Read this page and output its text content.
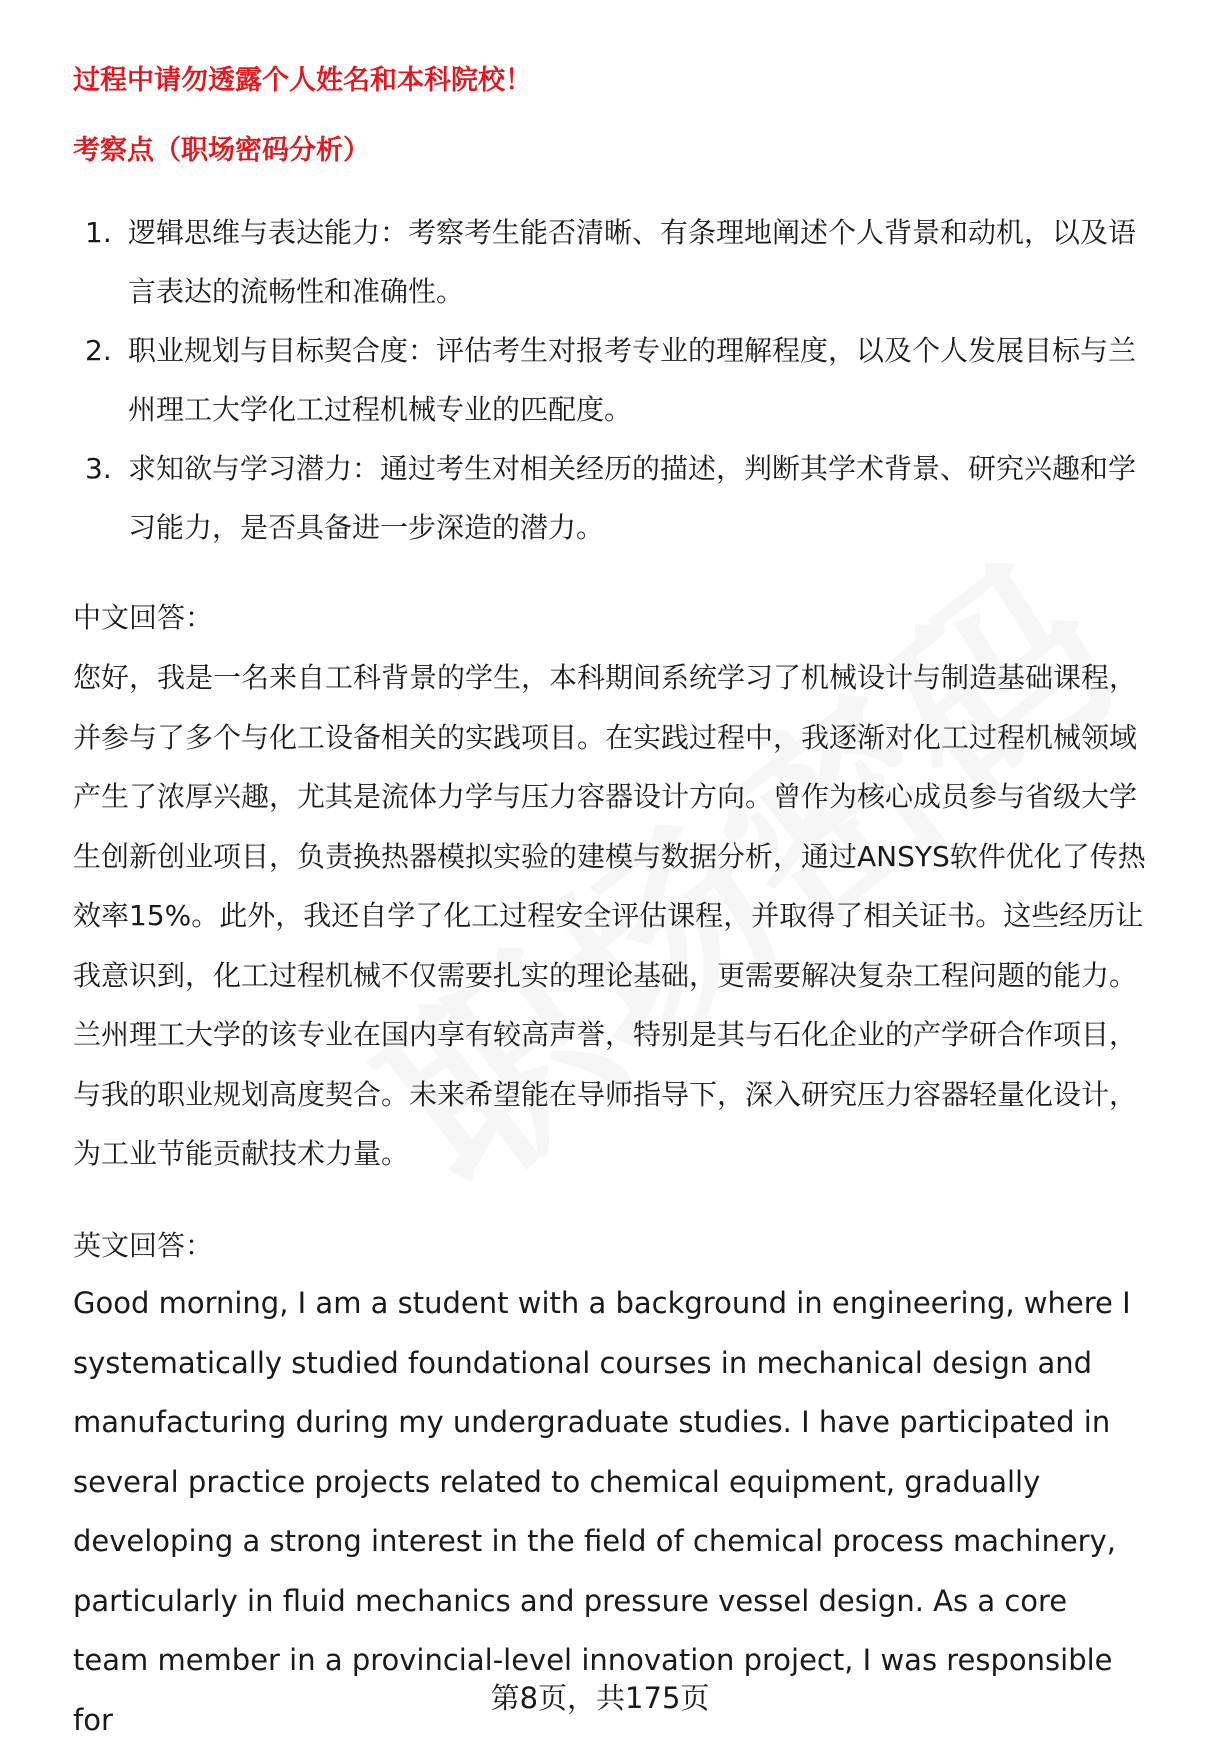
过程中请勿透露个人姓名和本科院校！
考察点（职场密码分析）
1. 逻辑思维与表达能力：考察考生能否清晰、有条理地阐述个人背景和动机，以及语言表达的流畅性和准确性。
2. 职业规划与目标契合度：评估考生对报考专业的理解程度，以及个人发展目标与兰州理工大学化工过程机械专业的匹配度。
3. 求知欲与学习潜力：通过考生对相关经历的描述，判断其学术背景、研究兴趣和学习能力，是否具备进一步深造的潜力。
中文回答：

您好，我是一名来自工科背景的学生，本科期间系统学习了机械设计与制造基础课程，并参与了多个与化工设备相关的实践项目。在实践过程中，我逐渐对化工过程机械领域产生了浓厚兴趣，尤其是流体力学与压力容器设计方向。曾作为核心成员参与省级大学生创新创业项目，负责换热器模拟实验的建模与数据分析，通过ANSYS软件优化了传热效率15%。此外，我还自学了化工过程安全评估课程，并取得了相关证书。这些经历让我意识到，化工过程机械不仅需要扎实的理论基础，更需要解决复杂工程问题的能力。兰州理工大学的该专业在国内享有较高声誉，特别是其与石化企业的产学研合作项目，与我的职业规划高度契合。未来希望能在导师指导下，深入研究压力容器轻量化设计，为工业节能贡献技术力量。

英文回答：

Good morning, I am a student with a background in engineering, where I systematically studied foundational courses in mechanical design and manufacturing during my undergraduate studies. I have participated in several practice projects related to chemical equipment, gradually developing a strong interest in the field of chemical process machinery, particularly in fluid mechanics and pressure vessel design. As a core team member in a provincial-level innovation project, I was responsible for

第8页，共175页
